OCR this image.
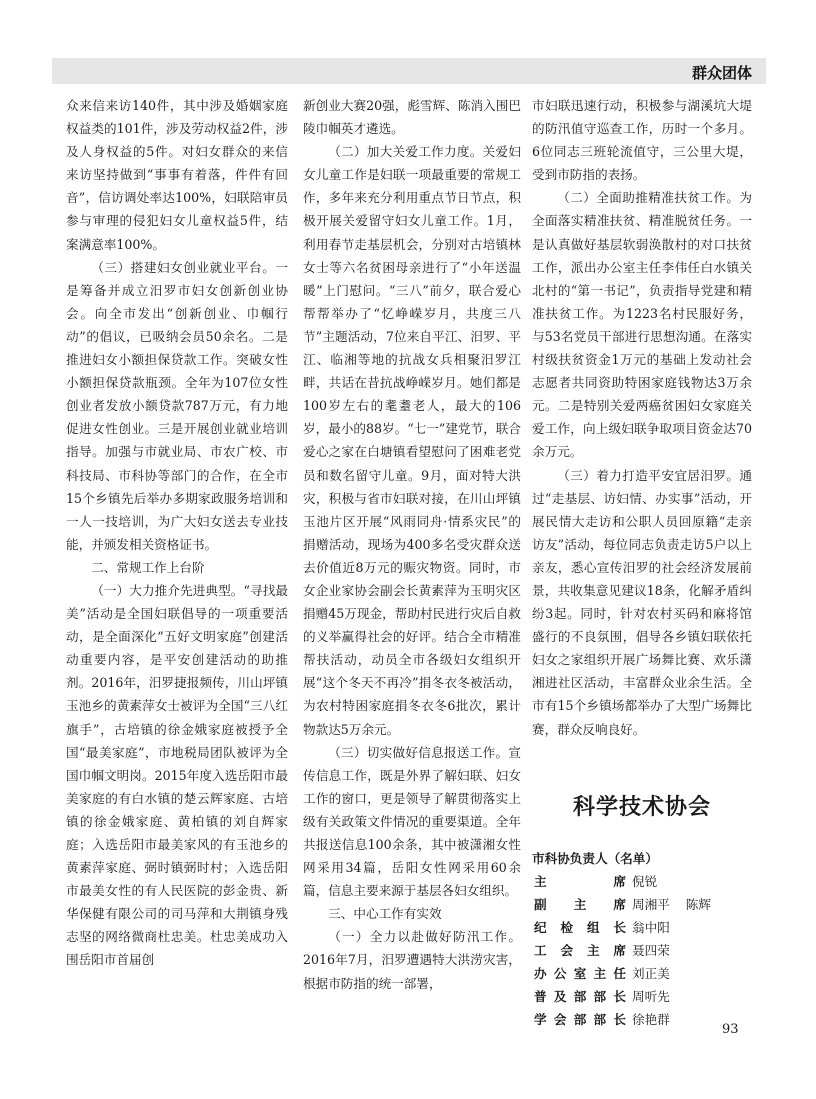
群众团体

众来信来访140件，其中涉及婚姻家庭权益类的101件，涉及劳动权益2件，涉及人身权益的5件。对妇女群众的来信来访坚持做到“事事有着落，件件有回音”，信访调处率达100%，妇联陪审员参与审理的侵犯妇女儿童权益5件，结案满意率100%。

（三）搭建妇女创业就业平台。一是筹备并成立汨罗市妇女创新创业协会。向全市发出“创新创业、巾帼行动”的倡议，已吸纳会员50余名。二是推进妇女小额担保贷款工作。突破女性小额担保贷款瓶颈。全年为107位女性创业者发放小额贷款787万元，有力地促进女性创业。三是开展创业就业培训指导。加强与市就业局、市农广校、市科技局、市科协等部门的合作，在全市15个乡镇先后举办多期家政服务培训和一人一技培训，为广大妇女送去专业技能，并颁发相关资格证书。

二、常规工作上台阶

（一）大力推介先进典型。“寻找最美”活动是全国妇联倡导的一项重要活动，是全面深化“五好文明家庭”创建活动重要内容，是平安创建活动的助推剂。2016年，汨罗捷报频传，川山坪镇玉池乡的黄素萍女士被评为全国“三八红旗手”，古培镇的徐金娥家庭被授予全国“最美家庭”，市地税局团队被评为全国巾帼文明岗。2015年度入选岳阳市最美家庭的有白水镇的楚云辉家庭、古培镇的徐金娥家庭、黄柏镇的刘自辉家庭；入选岳阳市最美家风的有玉池乡的黄素萍家庭、弼时镇弼时村；入选岳阳市最美女性的有人民医院的彭金贵、新华保健有限公司的司马萍和大荆镇身残志坚的网络微商杜忠美。杜忠美成功入围岳阳市首届创

新创业大赛20强，彪雪辉、陈消入围巴陵巾帼英才遴选。

（二）加大关爱工作力度。关爱妇女儿童工作是妇联一项最重要的常规工作，多年来充分利用重点节日节点，积极开展关爱留守妇女儿童工作。1月，利用春节走基层机会，分别对古培镇林女士等六名贫困母亲进行了“小年送温暖”上门慰问。“三八”前夕，联合爱心帮帮举办了“忆峥嵘岁月，共度三八节”主题活动，7位来自平江、汨罗、平江、临湘等地的抗战女兵相聚汨罗江畔，共话在昔抗战峥嵘岁月。她们都是100岁左右的耄耋老人，最大的106岁，最小的88岁。“七一”建党节，联合爱心之家在白塘镇看望慰问了困难老党员和数名留守儿童。9月，面对特大洪灾，积极与省市妇联对接，在川山坪镇玉池片区开展“风雨同舟·情系灾民”的捐赠活动，现场为400多名受灾群众送去价值近8万元的赈灾物资。同时，市女企业家协会副会长黄素萍为玉明灾区捐赠45万现金，帮助村民进行灾后自救的义举赢得社会的好评。结合全市精准帮扶活动，动员全市各级妇女组织开展“这个冬天不再冷”捐冬衣冬被活动，为农村特困家庭捐冬衣冬6批次，累计物款达5万余元。

（三）切实做好信息报送工作。宣传信息工作，既是外界了解妇联、妇女工作的窗口，更是领导了解贯彻落实上级有关政策文件情况的重要渠道。全年共报送信息100余条，其中被潇湘女性网采用34篇，岳阳女性网采用60余篇，信息主要来源于基层各妇女组织。

三、中心工作有实效

（一）全力以赴做好防汛工作。2016年7月，汨罗遭遇特大洪涝灾害，根据市防指的统一部署，

市妇联迅速行动，积极参与湖溪坑大堤的防汛值守巡查工作，历时一个多月。6位同志三班轮流值守，三公里大堤，受到市防指的表扬。

（二）全面助推精准扶贫工作。为全面落实精准扶贫、精准脱贫任务。一是认真做好基层软弱涣散村的对口扶贫工作，派出办公室主任李伟任白水镇关北村的“第一书记”，负责指导党建和精准扶贫工作。为1223名村民服好务，与53名党员干部进行思想沟通。在落实村级扶贫资金1万元的基础上发动社会志愿者共同资助特困家庭钱物达3万余元。二是特别关爱两癌贫困妇女家庭关爱工作，向上级妇联争取项目资金达70余万元。

（三）着力打造平安宜居汨罗。通过“走基层、访妇情、办实事”活动，开展民情大走访和公职人员回原籍“走亲访友”活动，每位同志负责走访5户以上亲友，悉心宣传汨罗的社会经济发展前景，共收集意见建议18条，化解矛盾纠纷3起。同时，针对农村买码和麻将馆盛行的不良氛围，倡导各乡镇妇联依托妇女之家组织开展广场舞比赛、欢乐潇湘进社区活动，丰富群众业余生活。全市有15个乡镇场都举办了大型广场舞比赛，群众反响良好。

科学技术协会
市科协负责人（名单）
主席 倪锐
副主席 周湘平 陈辉
纪检组长 翁中阳
工会主席 聂四荣
办公室主任 刘正美
普及部部长 周听先
学会部部长 徐艳群
93
